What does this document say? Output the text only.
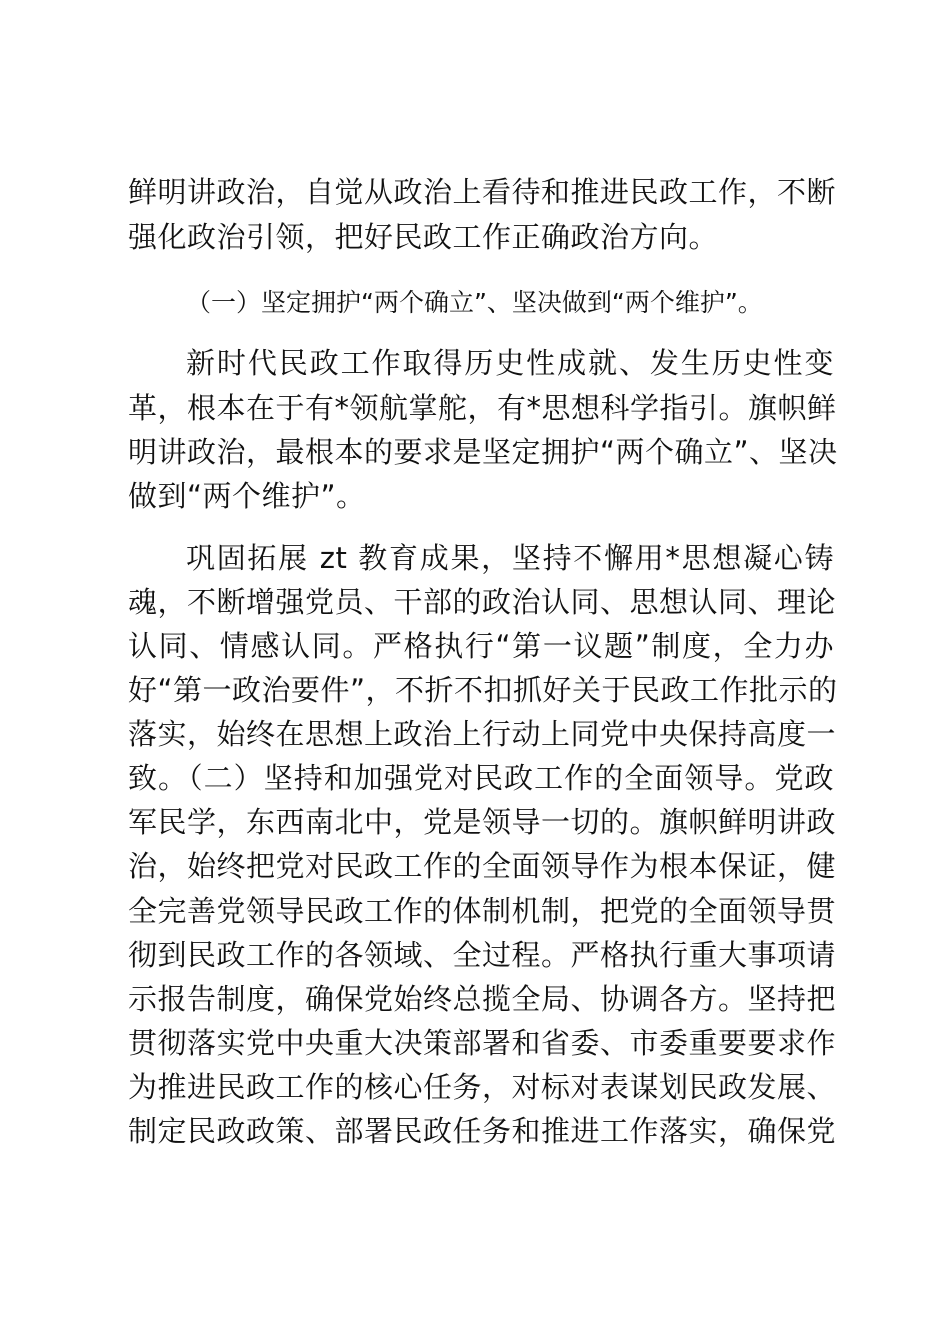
鲜明讲政治，自觉从政治上看待和推进民政工作，不断
强化政治引领，把好民政工作正确政治方向。
（一）坚定拥护“两个确立”、坚决做到“两个维护”。
新时代民政工作取得历史性成就、发生历史性变
革，根本在于有*领航掌舵，有*思想科学指引。旗帜鲜
明讲政治，最根本的要求是坚定拥护“两个确立”、坚决
做到“两个维护”。
巩固拓展 zt 教育成果，坚持不懈用*思想凝心铸
魂，不断增强党员、干部的政治认同、思想认同、理论
认同、情感认同。严格执行“第一议题”制度，全力办
好“第一政治要件”，不折不扣抓好关于民政工作批示的
落实，始终在思想上政治上行动上同党中央保持高度一
致。（二）坚持和加强党对民政工作的全面领导。党政
军民学，东西南北中，党是领导一切的。旗帜鲜明讲政
治，始终把党对民政工作的全面领导作为根本保证，健
全完善党领导民政工作的体制机制，把党的全面领导贯
彻到民政工作的各领域、全过程。严格执行重大事项请
示报告制度，确保党始终总揽全局、协调各方。坚持把
贯彻落实党中央重大决策部署和省委、市委重要要求作
为推进民政工作的核心任务，对标对表谋划民政发展、
制定民政政策、部署民政任务和推进工作落实，确保党
